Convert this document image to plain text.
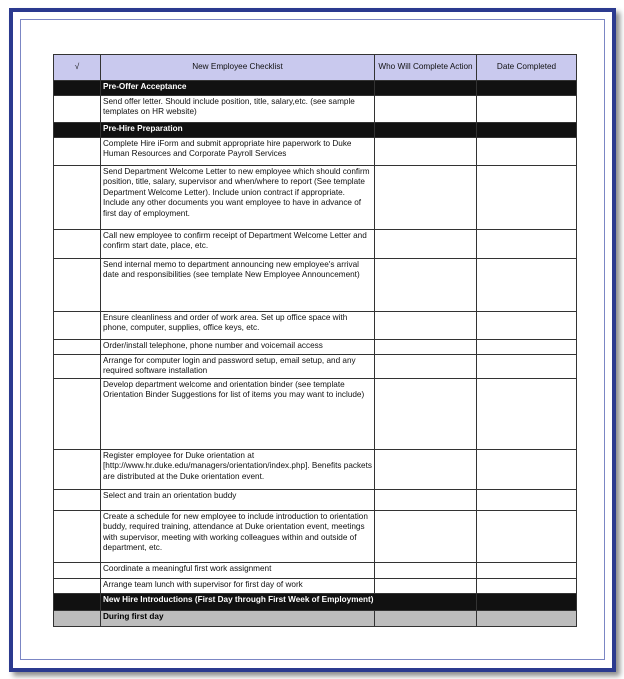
√	New Employee Checklist	Who Will Complete Action	Date Completed
	Pre-Offer Acceptance		
	Send offer letter. Should include position, title, salary,etc. (see sample templates on HR website)		
	Pre-Hire Preparation		
	Complete Hire iForm and submit appropriate hire paperwork to Duke Human Resources and Corporate Payroll Services		
	Send Department Welcome Letter to new employee which should confirm position, title, salary, supervisor and when/where to report (See template Department Welcome Letter). Include union contract if appropriate. Include any other documents you want employee to have in advance of first day of employment.		
	Call new employee to confirm receipt of Department Welcome Letter and confirm start date, place, etc.		
	Send internal memo to department announcing new employee's arrival date and responsibilities (see template New Employee Announcement)		
	Ensure cleanliness and order of work area. Set up office space with phone, computer, supplies, office keys, etc.		
	Order/install telephone, phone number and voicemail access		
	Arrange for computer login and password setup, email setup, and any required software installation		
	Develop department welcome and orientation binder (see template Orientation Binder Suggestions for list of items you may want to include)		
	Register employee for Duke orientation at [http://www.hr.duke.edu/managers/orientation/index.php]. Benefits packets are distributed at the Duke orientation event.		
	Select and train an orientation buddy		
	Create a schedule for new employee to include introduction to orientation buddy, required training, attendance at Duke orientation event, meetings with supervisor, meeting with working colleagues within and outside of department, etc.		
	Coordinate a meaningful first work assignment		
	Arrange team lunch with supervisor for first day of work		
	New Hire Introductions (First Day through First Week of Employment)		
	During first day		
